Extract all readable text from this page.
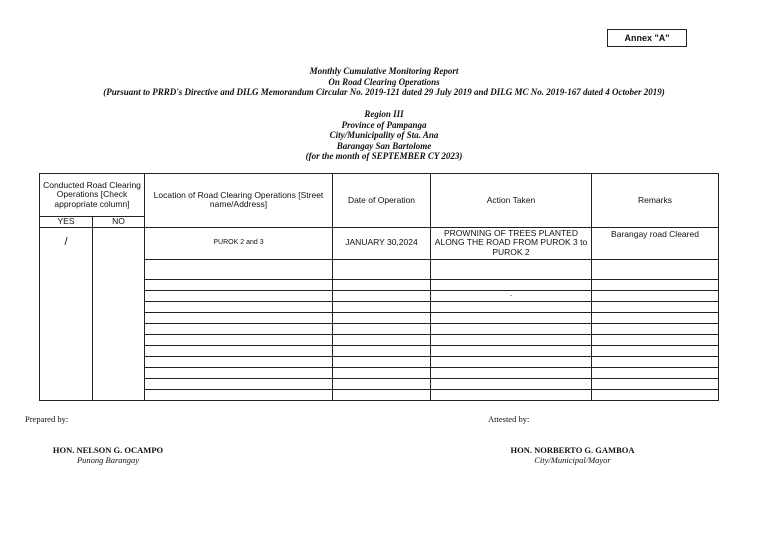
Annex "A"
Monthly Cumulative Monitoring Report
On Road Clearing Operations
(Pursuant to PRRD's Directive and DILG Memorandum Circular No. 2019-121 dated 29 July 2019 and DILG MC No. 2019-167 dated 4 October 2019)
Region III
Province of Pampanga
City/Municipality of Sta. Ana
Barangay San Bartolome
(for the month of SEPTEMBER CY 2023)
Conducted Road Clearing Operations [Check appropriate column]		Location of Road Clearing Operations [Street name/Address]	Date of Operation	Action Taken	Remarks
YES	NO				
/		PUROK 2 and 3	JANUARY 30,2024	PROWNING OF TREES PLANTED ALONG THE ROAD FROM PUROK 3 to PUROK 2	Barangay road Cleared

				-	

Prepared by:
HON. NELSON G. OCAMPO
Punong Barangay
Attested by:
HON. NORBERTO G. GAMBOA
City/Municipal/Mayor
